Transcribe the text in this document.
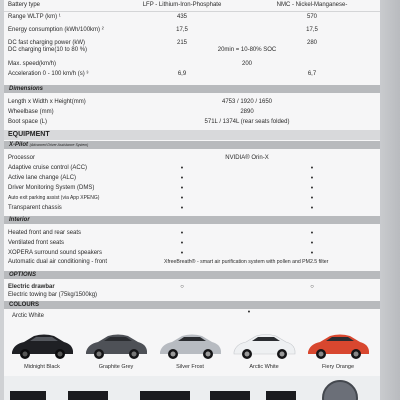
Battery type	LFP - Lithium-Iron-Phosphate	NMC - Nickel-Manganese-
Range WLTP (km) ¹	435	570
Energy consumption (kWh/100km) ²	17,5	17,5
DC fast charging power (kW)	215	280
DC charging time(10 to 80 %)	20min = 10-80% SOC
Max. speed(km/h)	200
Acceleration 0 - 100 km/h (s) ³	6,9	6,7
Dimensions
Length x Width x Height(mm)	4753 / 1920 / 1650
Wheelbase (mm)	2890
Boot space (L)	571L / 1374L (rear seats folded)
EQUIPMENT
X-Pilot (Advanced Driver Assistance System)
Processor	NVIDIA® Orin-X
Adaptive cruise control (ACC)	•	•
Active lane change (ALC)	•	•
Driver Monitoring System (DMS)	•	•
Auto exit parking assist (via App XPENG)	•	•
Transparent chassis	•	•
Interior
Heated front and rear seats	•	•
Ventilated front seats	•	•
XOPERA surround sound speakers	•	•
Automatic dual air conditioning - front	XfreeBreath® - smart air purification system with pollen and PM2.5 filter
OPTIONS
Electric drawbar	○	○
Electric towing bar (75kg/1500kg)
COLOURS
Arctic White	•
Midnight Black	Graphite Grey	Silver Frost	Arctic White	Fiery Orange
